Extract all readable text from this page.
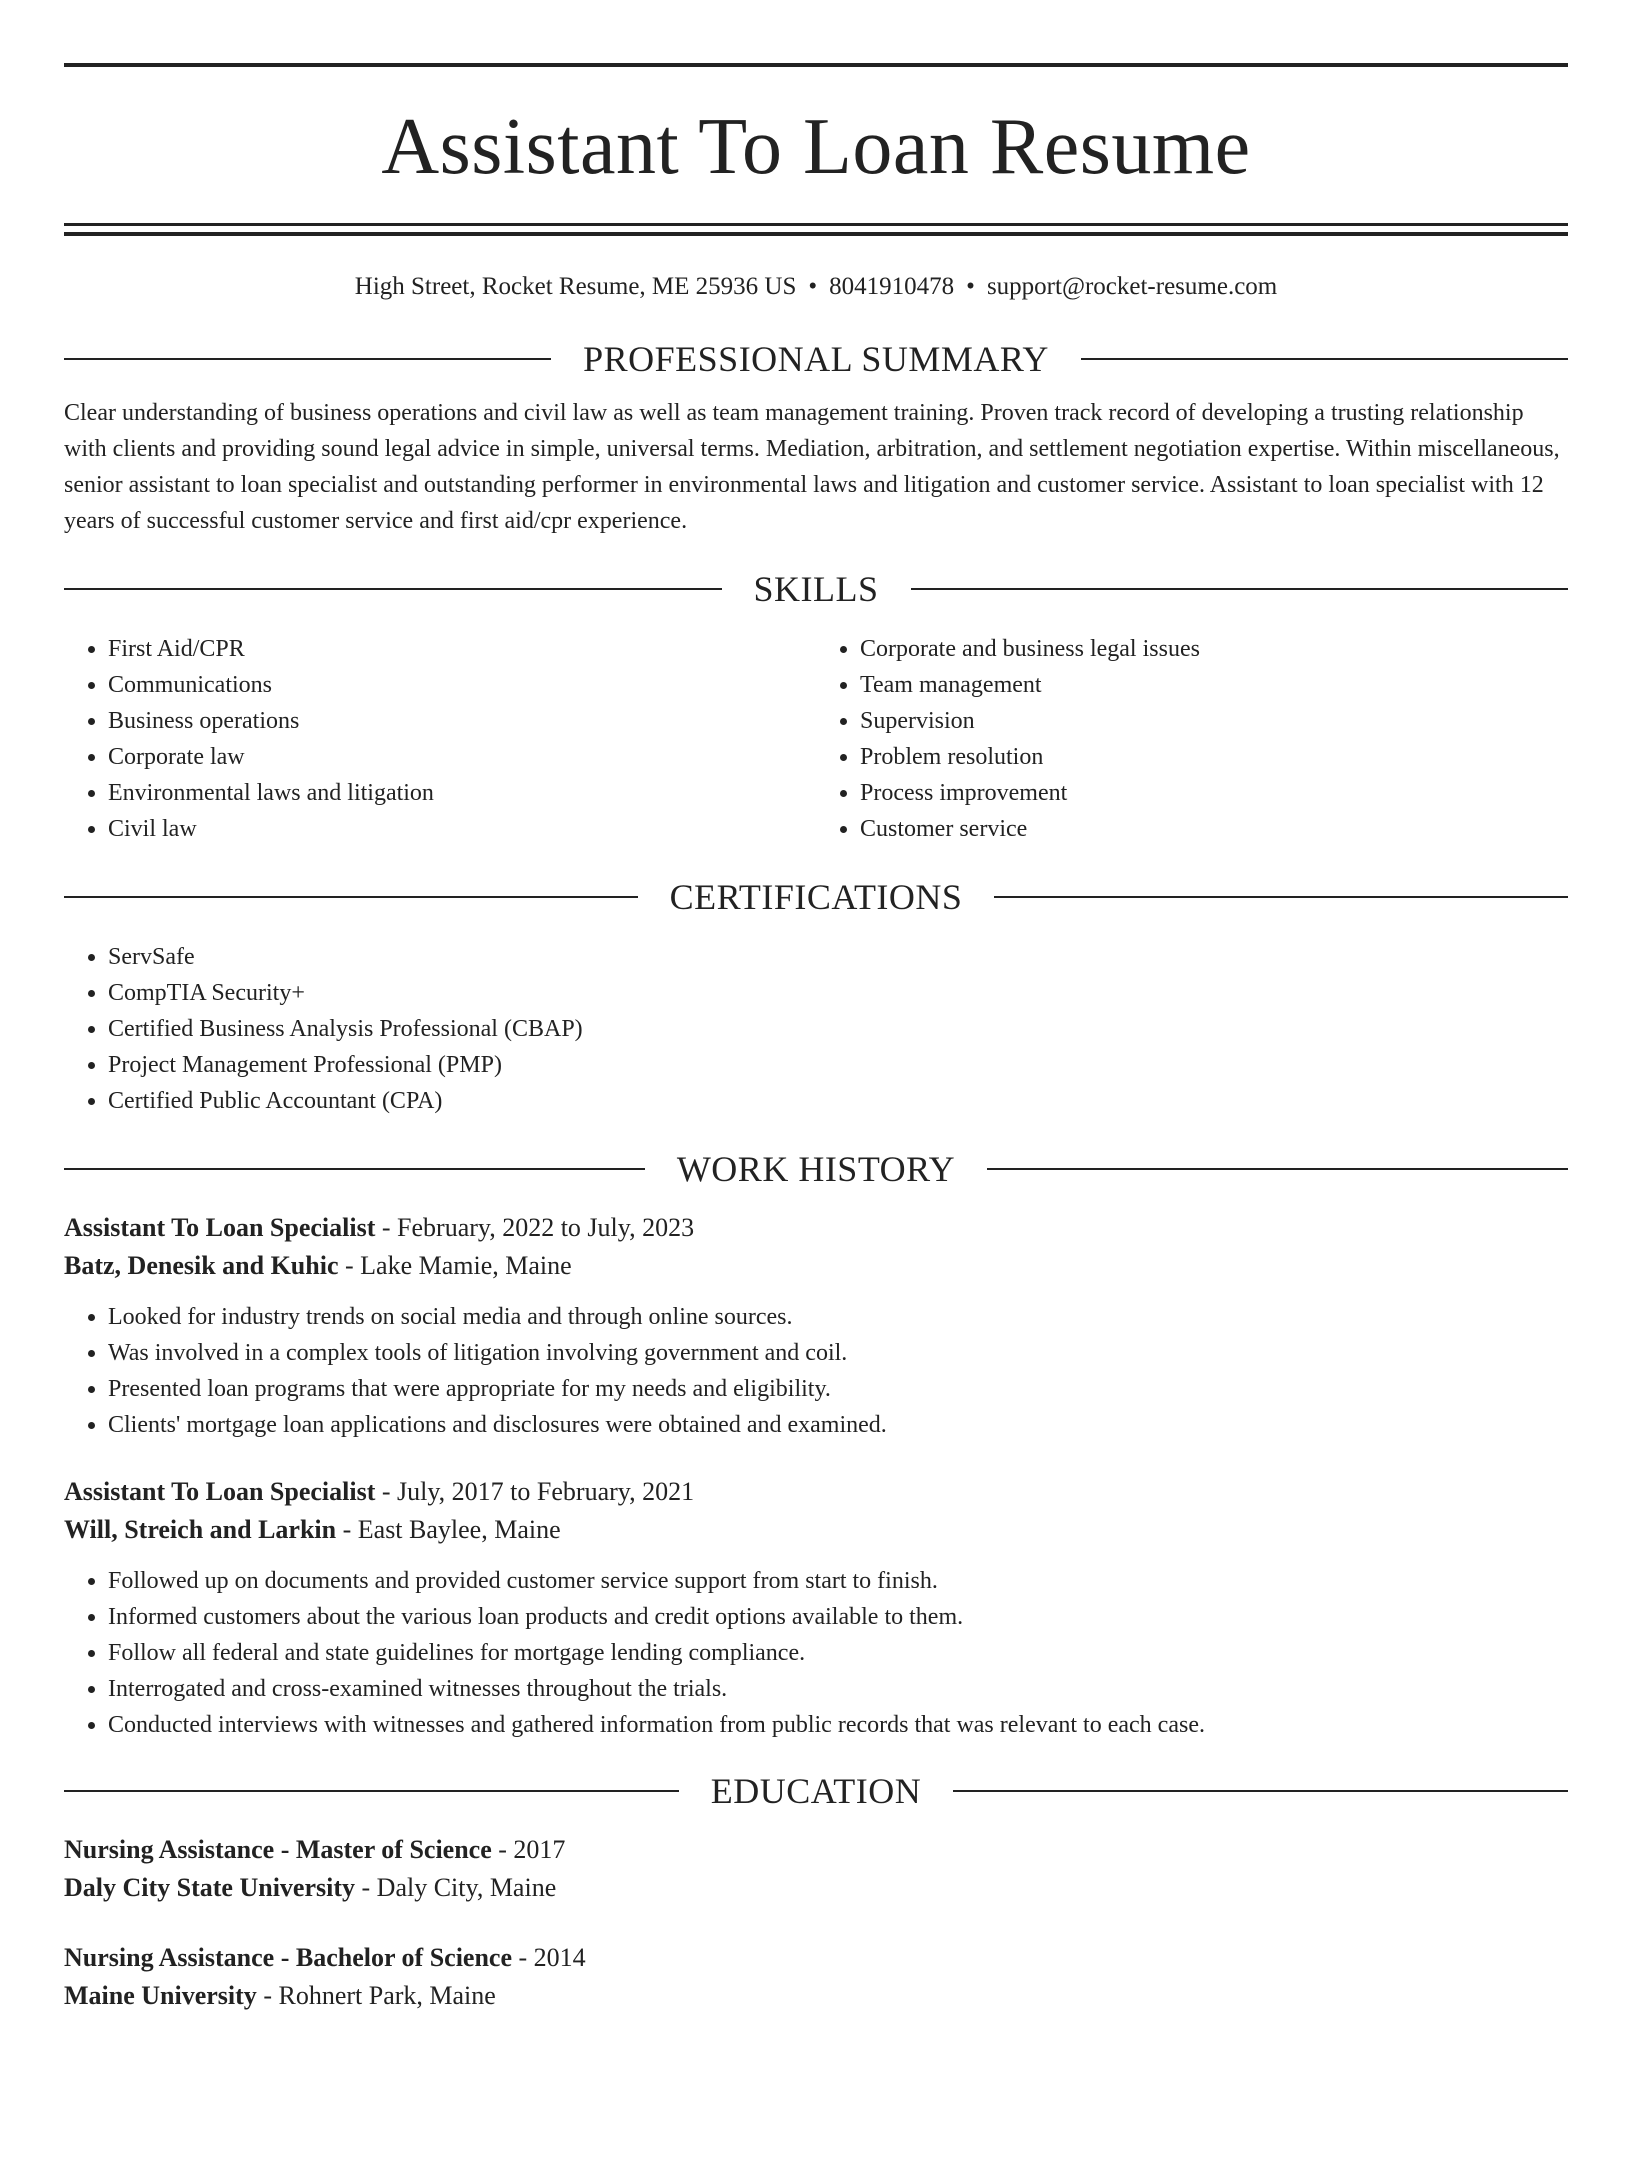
Assistant To Loan Resume
High Street, Rocket Resume, ME 25936 US • 8041910478 • support@rocket-resume.com
PROFESSIONAL SUMMARY
Clear understanding of business operations and civil law as well as team management training. Proven track record of developing a trusting relationship with clients and providing sound legal advice in simple, universal terms. Mediation, arbitration, and settlement negotiation expertise. Within miscellaneous, senior assistant to loan specialist and outstanding performer in environmental laws and litigation and customer service. Assistant to loan specialist with 12 years of successful customer service and first aid/cpr experience.
SKILLS
• First Aid/CPR
• Communications
• Business operations
• Corporate law
• Environmental laws and litigation
• Civil law
• Corporate and business legal issues
• Team management
• Supervision
• Problem resolution
• Process improvement
• Customer service
CERTIFICATIONS
• ServSafe
• CompTIA Security+
• Certified Business Analysis Professional (CBAP)
• Project Management Professional (PMP)
• Certified Public Accountant (CPA)
WORK HISTORY
Assistant To Loan Specialist - February, 2022 to July, 2023
Batz, Denesik and Kuhic - Lake Mamie, Maine
• Looked for industry trends on social media and through online sources.
• Was involved in a complex tools of litigation involving government and coil.
• Presented loan programs that were appropriate for my needs and eligibility.
• Clients' mortgage loan applications and disclosures were obtained and examined.
Assistant To Loan Specialist - July, 2017 to February, 2021
Will, Streich and Larkin - East Baylee, Maine
• Followed up on documents and provided customer service support from start to finish.
• Informed customers about the various loan products and credit options available to them.
• Follow all federal and state guidelines for mortgage lending compliance.
• Interrogated and cross-examined witnesses throughout the trials.
• Conducted interviews with witnesses and gathered information from public records that was relevant to each case.
EDUCATION
Nursing Assistance - Master of Science - 2017
Daly City State University - Daly City, Maine
Nursing Assistance - Bachelor of Science - 2014
Maine University - Rohnert Park, Maine
